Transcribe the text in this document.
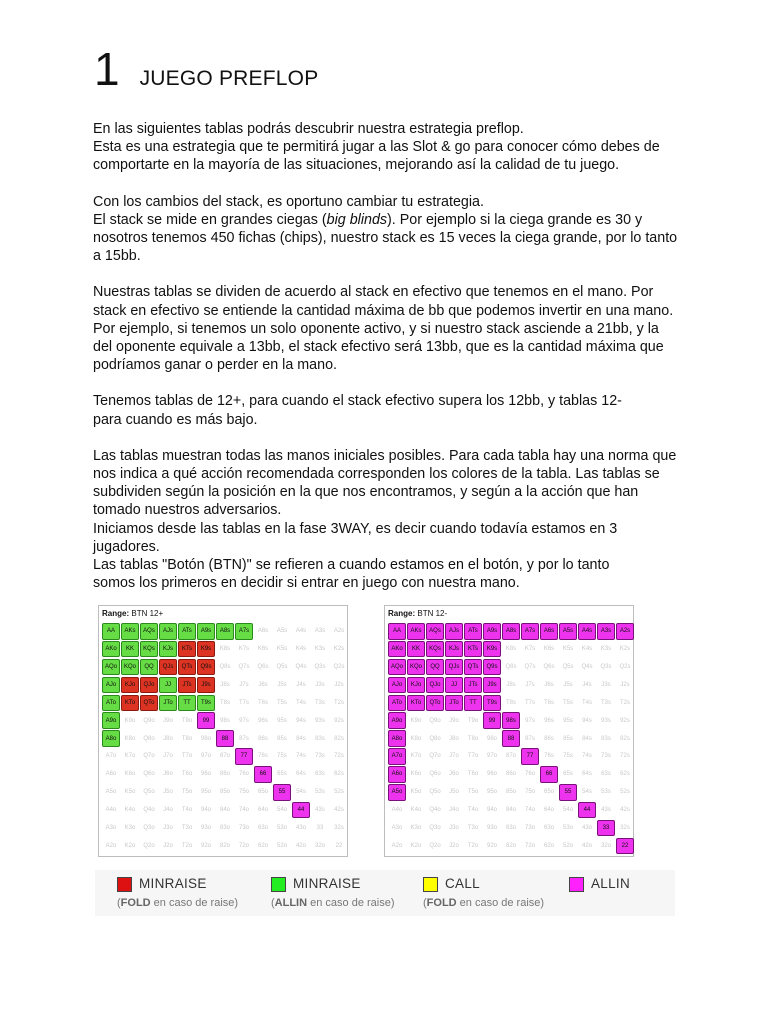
1 JUEGO PREFLOP

En las siguientes tablas podrás descubrir nuestra estrategia preflop.
Esta es una estrategia que te permitirá jugar a las Slot & go para conocer cómo debes de
comportarte en la mayoría de las situaciones, mejorando así la calidad de tu juego.

Con los cambios del stack, es oportuno cambiar tu estrategia.
El stack se mide en grandes ciegas (big blinds). Por ejemplo si la ciega grande es 30 y
nosotros tenemos 450 fichas (chips), nuestro stack es 15 veces la ciega grande, por lo tanto
a 15bb.

Nuestras tablas se dividen de acuerdo al stack en efectivo que tenemos en el mano. Por
stack en efectivo se entiende la cantidad máxima de bb que podemos invertir en una mano.
Por ejemplo, si tenemos un solo oponente activo, y si nuestro stack asciende a 21bb, y la
del oponente equivale a 13bb, el stack efectivo será 13bb, que es la cantidad máxima que
podríamos ganar o perder en la mano.

Tenemos tablas de 12+, para cuando el stack efectivo supera los 12bb, y tablas 12-
para cuando es más bajo.

Las tablas muestran todas las manos iniciales posibles. Para cada tabla hay una norma que
nos indica a qué acción recomendada corresponden los colores de la tabla. Las tablas se
subdividen según la posición en la que nos encontramos, y según a la acción que han
tomado nuestros adversarios.
Iniciamos desde las tablas en la fase 3WAY, es decir cuando todavía estamos en 3
jugadores.
Las tablas "Botón (BTN)" se refieren a cuando estamos en el botón, y por lo tanto
somos los primeros en decidir si entrar en juego con nuestra mano.

Range: BTN 12+
AA	AKs	AQs	AJs	ATs	A9s	A8s	A7s	A6s	A5s	A4s	A3s	A2s
AKo	KK	KQs	KJs	KTs	K9s	K8s	K7s	K6s	K5s	K4s	K3s	K2s
AQo	KQo	QQ	QJs	QTs	Q9s	Q8s	Q7s	Q6s	Q5s	Q4s	Q3s	Q2s
AJo	KJo	QJo	JJ	JTs	J9s	J8s	J7s	J6s	J5s	J4s	J3s	J2s
ATo	KTo	QTo	JTo	TT	T9s	T8s	T7s	T6s	T5s	T4s	T3s	T2s
A9o	K9o	Q9o	J9o	T9o	99	98s	97s	96s	95s	94s	93s	92s
A8o	K8o	Q8o	J8o	T8o	98o	88	87s	86s	85s	84s	83s	82s
A7o	K7o	Q7o	J7o	T7o	97o	87o	77	76s	75s	74s	73s	72s
A6o	K6o	Q6o	J6o	T6o	96o	86o	76o	66	65s	64s	63s	62s
A5o	K5o	Q5o	J5o	T5o	95o	85o	75o	65o	55	54s	53s	52s
A4o	K4o	Q4o	J4o	T4o	94o	84o	74o	64o	54o	44	43s	42s
A3o	K3o	Q3o	J3o	T3o	93o	83o	73o	63o	53o	43o	33	32s
A2o	K2o	Q2o	J2o	T2o	92o	82o	72o	62o	52o	42o	32o	22
Range: BTN 12-
AA	AKs	AQs	AJs	ATs	A9s	A8s	A7s	A6s	A5s	A4s	A3s	A2s
AKo	KK	KQs	KJs	KTs	K9s	K8s	K7s	K6s	K5s	K4s	K3s	K2s
AQo	KQo	QQ	QJs	QTs	Q9s	Q8s	Q7s	Q6s	Q5s	Q4s	Q3s	Q2s
AJo	KJo	QJo	JJ	JTs	J9s	J8s	J7s	J6s	J5s	J4s	J3s	J2s
ATo	KTo	QTo	JTo	TT	T9s	T8s	T7s	T6s	T5s	T4s	T3s	T2s
A9o	K9o	Q9o	J9o	T9o	99	98s	97s	96s	95s	94s	93s	92s
A8o	K8o	Q8o	J8o	T8o	98o	88	87s	86s	85s	84s	83s	82s
A7o	K7o	Q7o	J7o	T7o	97o	87o	77	76s	75s	74s	73s	72s
A6o	K6o	Q6o	J6o	T6o	96o	86o	76o	66	65s	64s	63s	62s
A5o	K5o	Q5o	J5o	T5o	95o	85o	75o	65o	55	54s	53s	52s
A4o	K4o	Q4o	J4o	T4o	94o	84o	74o	64o	54o	44	43s	42s
A3o	K3o	Q3o	J3o	T3o	93o	83o	73o	63o	53o	43o	33	32s
A2o	K2o	Q2o	J2o	T2o	92o	82o	72o	62o	52o	42o	32o	22
MINRAISE
(FOLD en caso de raise)
MINRAISE
(ALLIN en caso de raise)
CALL
(FOLD en caso de raise)
ALLIN
